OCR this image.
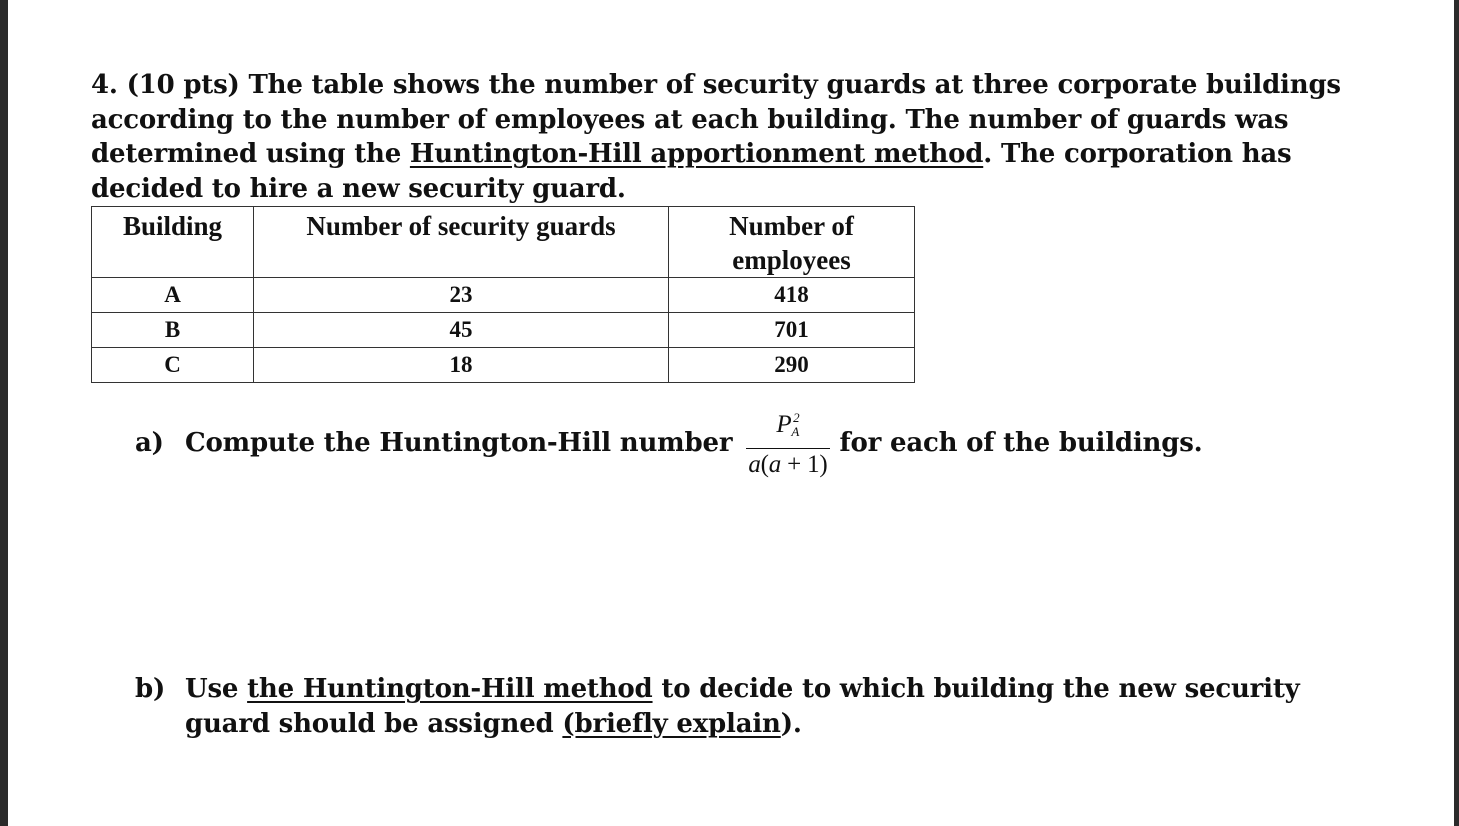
4. (10 pts) The table shows the number of security guards at three corporate buildings according to the number of employees at each building. The number of guards was determined using the Huntington-Hill apportionment method. The corporation has decided to hire a new security guard.
Building	Number of security guards	Number of employees
A	23	418
B	45	701
C	18	290
a) Compute the Huntington-Hill number $\frac{P_A^2}{a(a + 1)}$ for each of the buildings.
b) Use the Huntington-Hill method to decide to which building the new security guard should be assigned (briefly explain).
